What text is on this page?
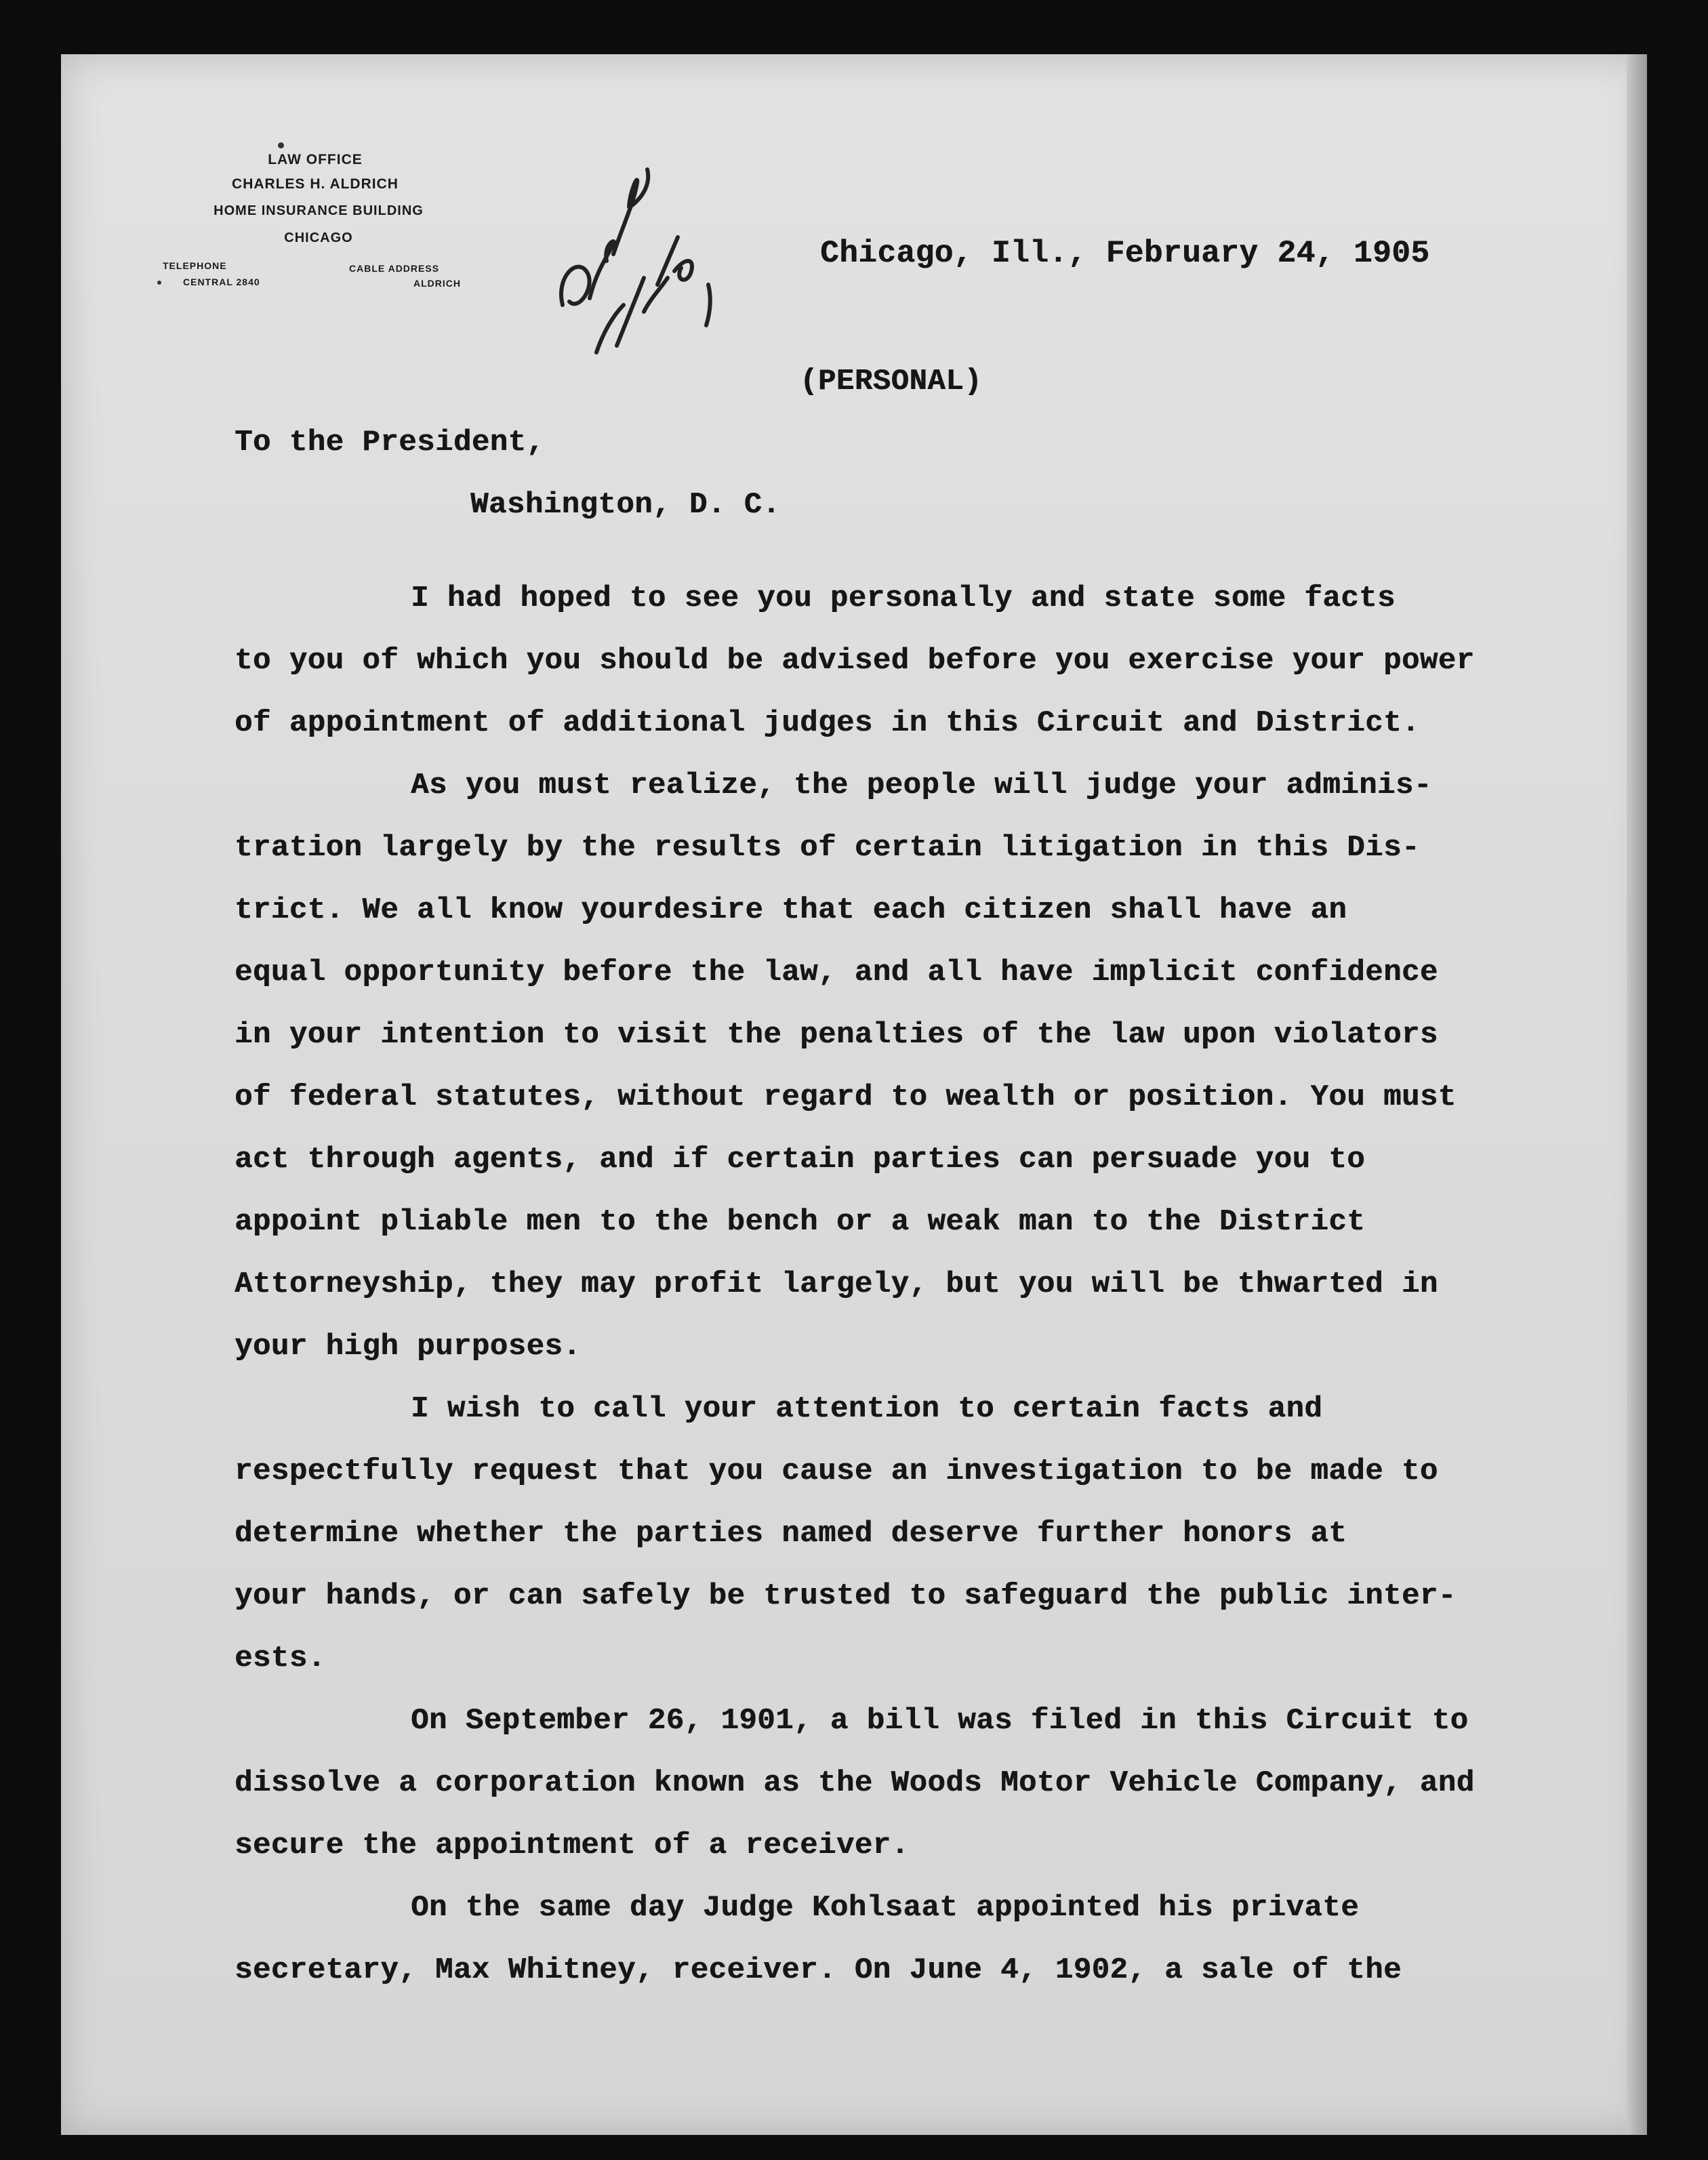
LAW OFFICE
CHARLES H. ALDRICH
HOME INSURANCE BUILDING
CHICAGO
TELEPHONE
CENTRAL 2840
CABLE ADDRESS
ALDRICH
Chicago, Ill., February 24, 1905
(PERSONAL)
To the President,
Washington, D. C.
I had hoped to see you personally and state some facts
to you of which you should be advised before you exercise your power
of appointment of additional judges in this Circuit and District.
As you must realize, the people will judge your adminis-
tration largely by the results of certain litigation in this Dis-
trict. We all know yourdesire that each citizen shall have an
equal opportunity before the law, and all have implicit confidence
in your intention to visit the penalties of the law upon violators
of federal statutes, without regard to wealth or position. You must
act through agents, and if certain parties can persuade you to
appoint pliable men to the bench or a weak man to the District
Attorneyship, they may profit largely, but you will be thwarted in
your high purposes.
I wish to call your attention to certain facts and
respectfully request that you cause an investigation to be made to
determine whether the parties named deserve further honors at
your hands, or can safely be trusted to safeguard the public inter-
ests.
On September 26, 1901, a bill was filed in this Circuit to
dissolve a corporation known as the Woods Motor Vehicle Company, and
secure the appointment of a receiver.
On the same day Judge Kohlsaat appointed his private
secretary, Max Whitney, receiver. On June 4, 1902, a sale of the
